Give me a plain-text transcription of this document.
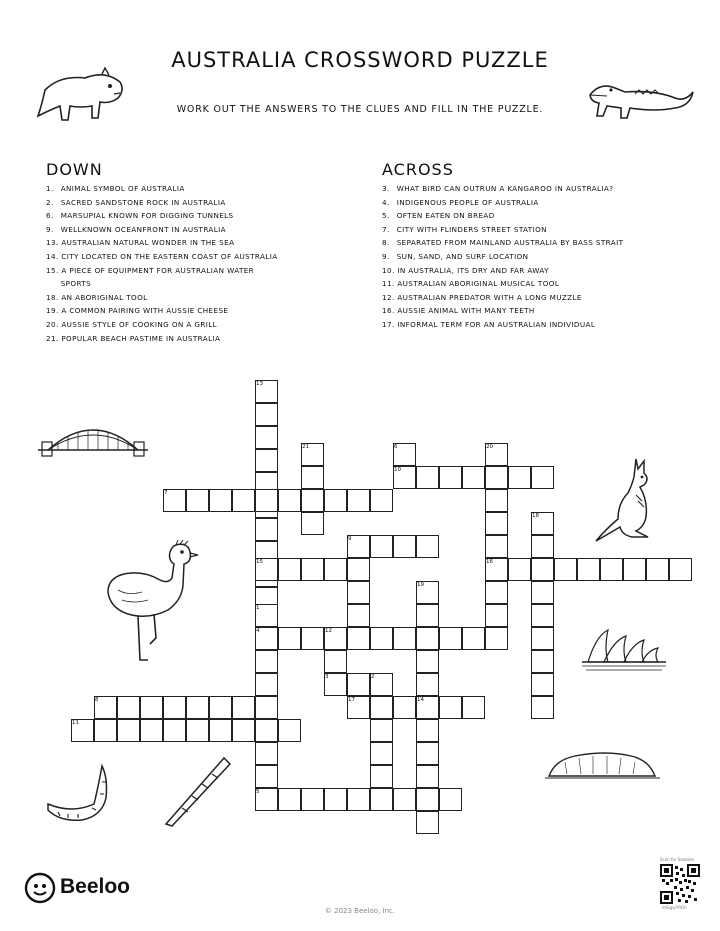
AUSTRALIA CROSSWORD PUZZLE
WORK OUT THE ANSWERS TO THE CLUES AND FILL IN THE PUZZLE.
DOWN	ACROSS
1. ANIMAL SYMBOL OF AUSTRALIA
2. SACRED SANDSTONE ROCK IN AUSTRALIA
6. MARSUPIAL KNOWN FOR DIGGING TUNNELS
9. WELLKNOWN OCEANFRONT IN AUSTRALIA
13. AUSTRALIAN NATURAL WONDER IN THE SEA
14. CITY LOCATED ON THE EASTERN COAST OF AUSTRALIA
15. A PIECE OF EQUIPMENT FOR AUSTRALIAN WATER
SPORTS
18. AN ABORIGINAL TOOL
19. A COMMON PAIRING WITH AUSSIE CHEESE
20. AUSSIE STYLE OF COOKING ON A GRILL
21. POPULAR BEACH PASTIME IN AUSTRALIA
3. WHAT BIRD CAN OUTRUN A KANGAROO IN AUSTRALIA?
4. INDIGENOUS PEOPLE OF AUSTRALIA
5. OFTEN EATEN ON BREAD
7. CITY WITH FLINDERS STREET STATION
8. SEPARATED FROM MAINLAND AUSTRALIA BY BASS STRAIT
9. SUN, SAND, AND SURF LOCATION
10. IN AUSTRALIA, ITS DRY AND FAR AWAY
11. AUSTRALIAN ABORIGINAL MUSICAL TOOL
12. AUSTRALIAN PREDATOR WITH A LONG MUZZLE
16. AUSSIE ANIMAL WITH MANY TEETH
17. INFORMAL TERM FOR AN AUSTRALIAN INDIVIDUAL
13
21	6	20
10
7
18
9
15	16
19
1
4	12
3	2
8	17	14
11
5
Beeloo
© 2023 Beeloo, Inc.
Scan for Solution
mSqpyYRGh
